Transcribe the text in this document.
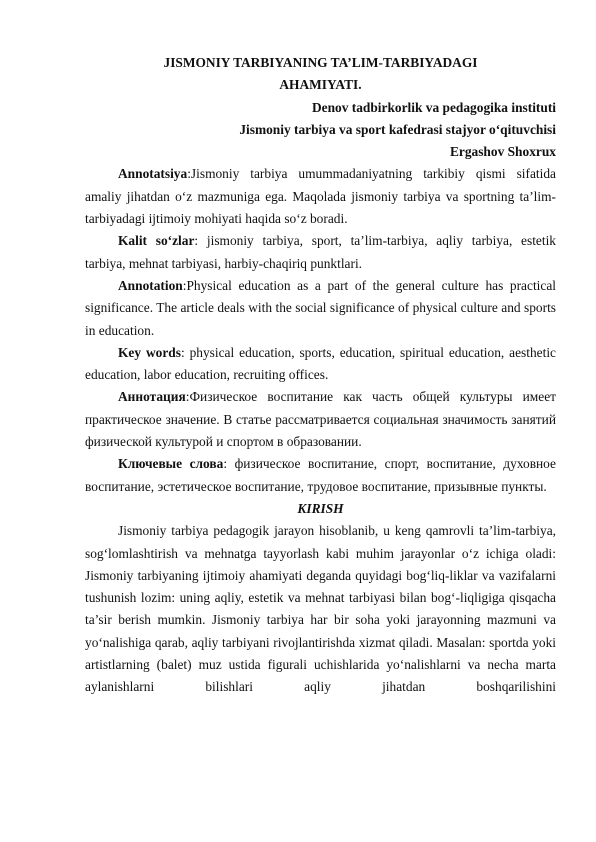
JISMONIY TARBIYANING TA’LIM-TARBIYADAGI
AHAMIYATI.
Denov tadbirkorlik va pedagogika instituti
Jismoniy tarbiya va sport kafedrasi stajyor o‘qituvchisi
Ergashov Shoxrux

Annotatsiya:Jismoniy tarbiya umummadaniyatning tarkibiy qismi sifatida amaliy jihatdan o‘z mazmuniga ega. Maqolada jismoniy tarbiya va sportning ta’lim-tarbiyadagi ijtimoiy mohiyati haqida so‘z boradi.

Kalit so‘zlar: jismoniy tarbiya, sport, ta’lim-tarbiya, aqliy tarbiya, estetik tarbiya, mehnat tarbiyasi, harbiy-chaqiriq punktlari.

Annotation:Physical education as a part of the general culture has practical significance. The article deals with the social significance of physical culture and sports in education.

Key words: physical education, sports, education, spiritual education, aesthetic education, labor education, recruiting offices.

Аннотация:Физическое воспитание как часть общей культуры имеет практическое значение. В статье рассматривается социальная значимость занятий физической культурой и спортом в образовании.

Ключевые слова: физическое воспитание, спорт, воспитание, духовное воспитание, эстетическое воспитание, трудовое воспитание, призывные пункты.

KIRISH

Jismoniy tarbiya pedagogik jarayon hisoblanib, u keng qamrovli ta’lim-tarbiya, sog‘lomlashtirish va mehnatga tayyorlash kabi muhim jarayonlar o‘z ichiga oladi: Jismoniy tarbiyaning ijtimoiy ahamiyati deganda quyidagi bog‘liq-liklar va vazifalarni tushunish lozim: uning aqliy, estetik va mehnat tarbiyasi bilan bog‘-liqligiga qisqacha ta’sir berish mumkin. Jismoniy tarbiya har bir soha yoki jarayonning mazmuni va yo‘nalishiga qarab, aqliy tarbiyani rivojlantirishda xizmat qiladi. Masalan: sportda yoki artistlarning (balet) muz ustida figurali uchishlarida yo‘nalishlarni va necha marta aylanishlarni bilishlari aqliy jihatdan boshqarilishini
